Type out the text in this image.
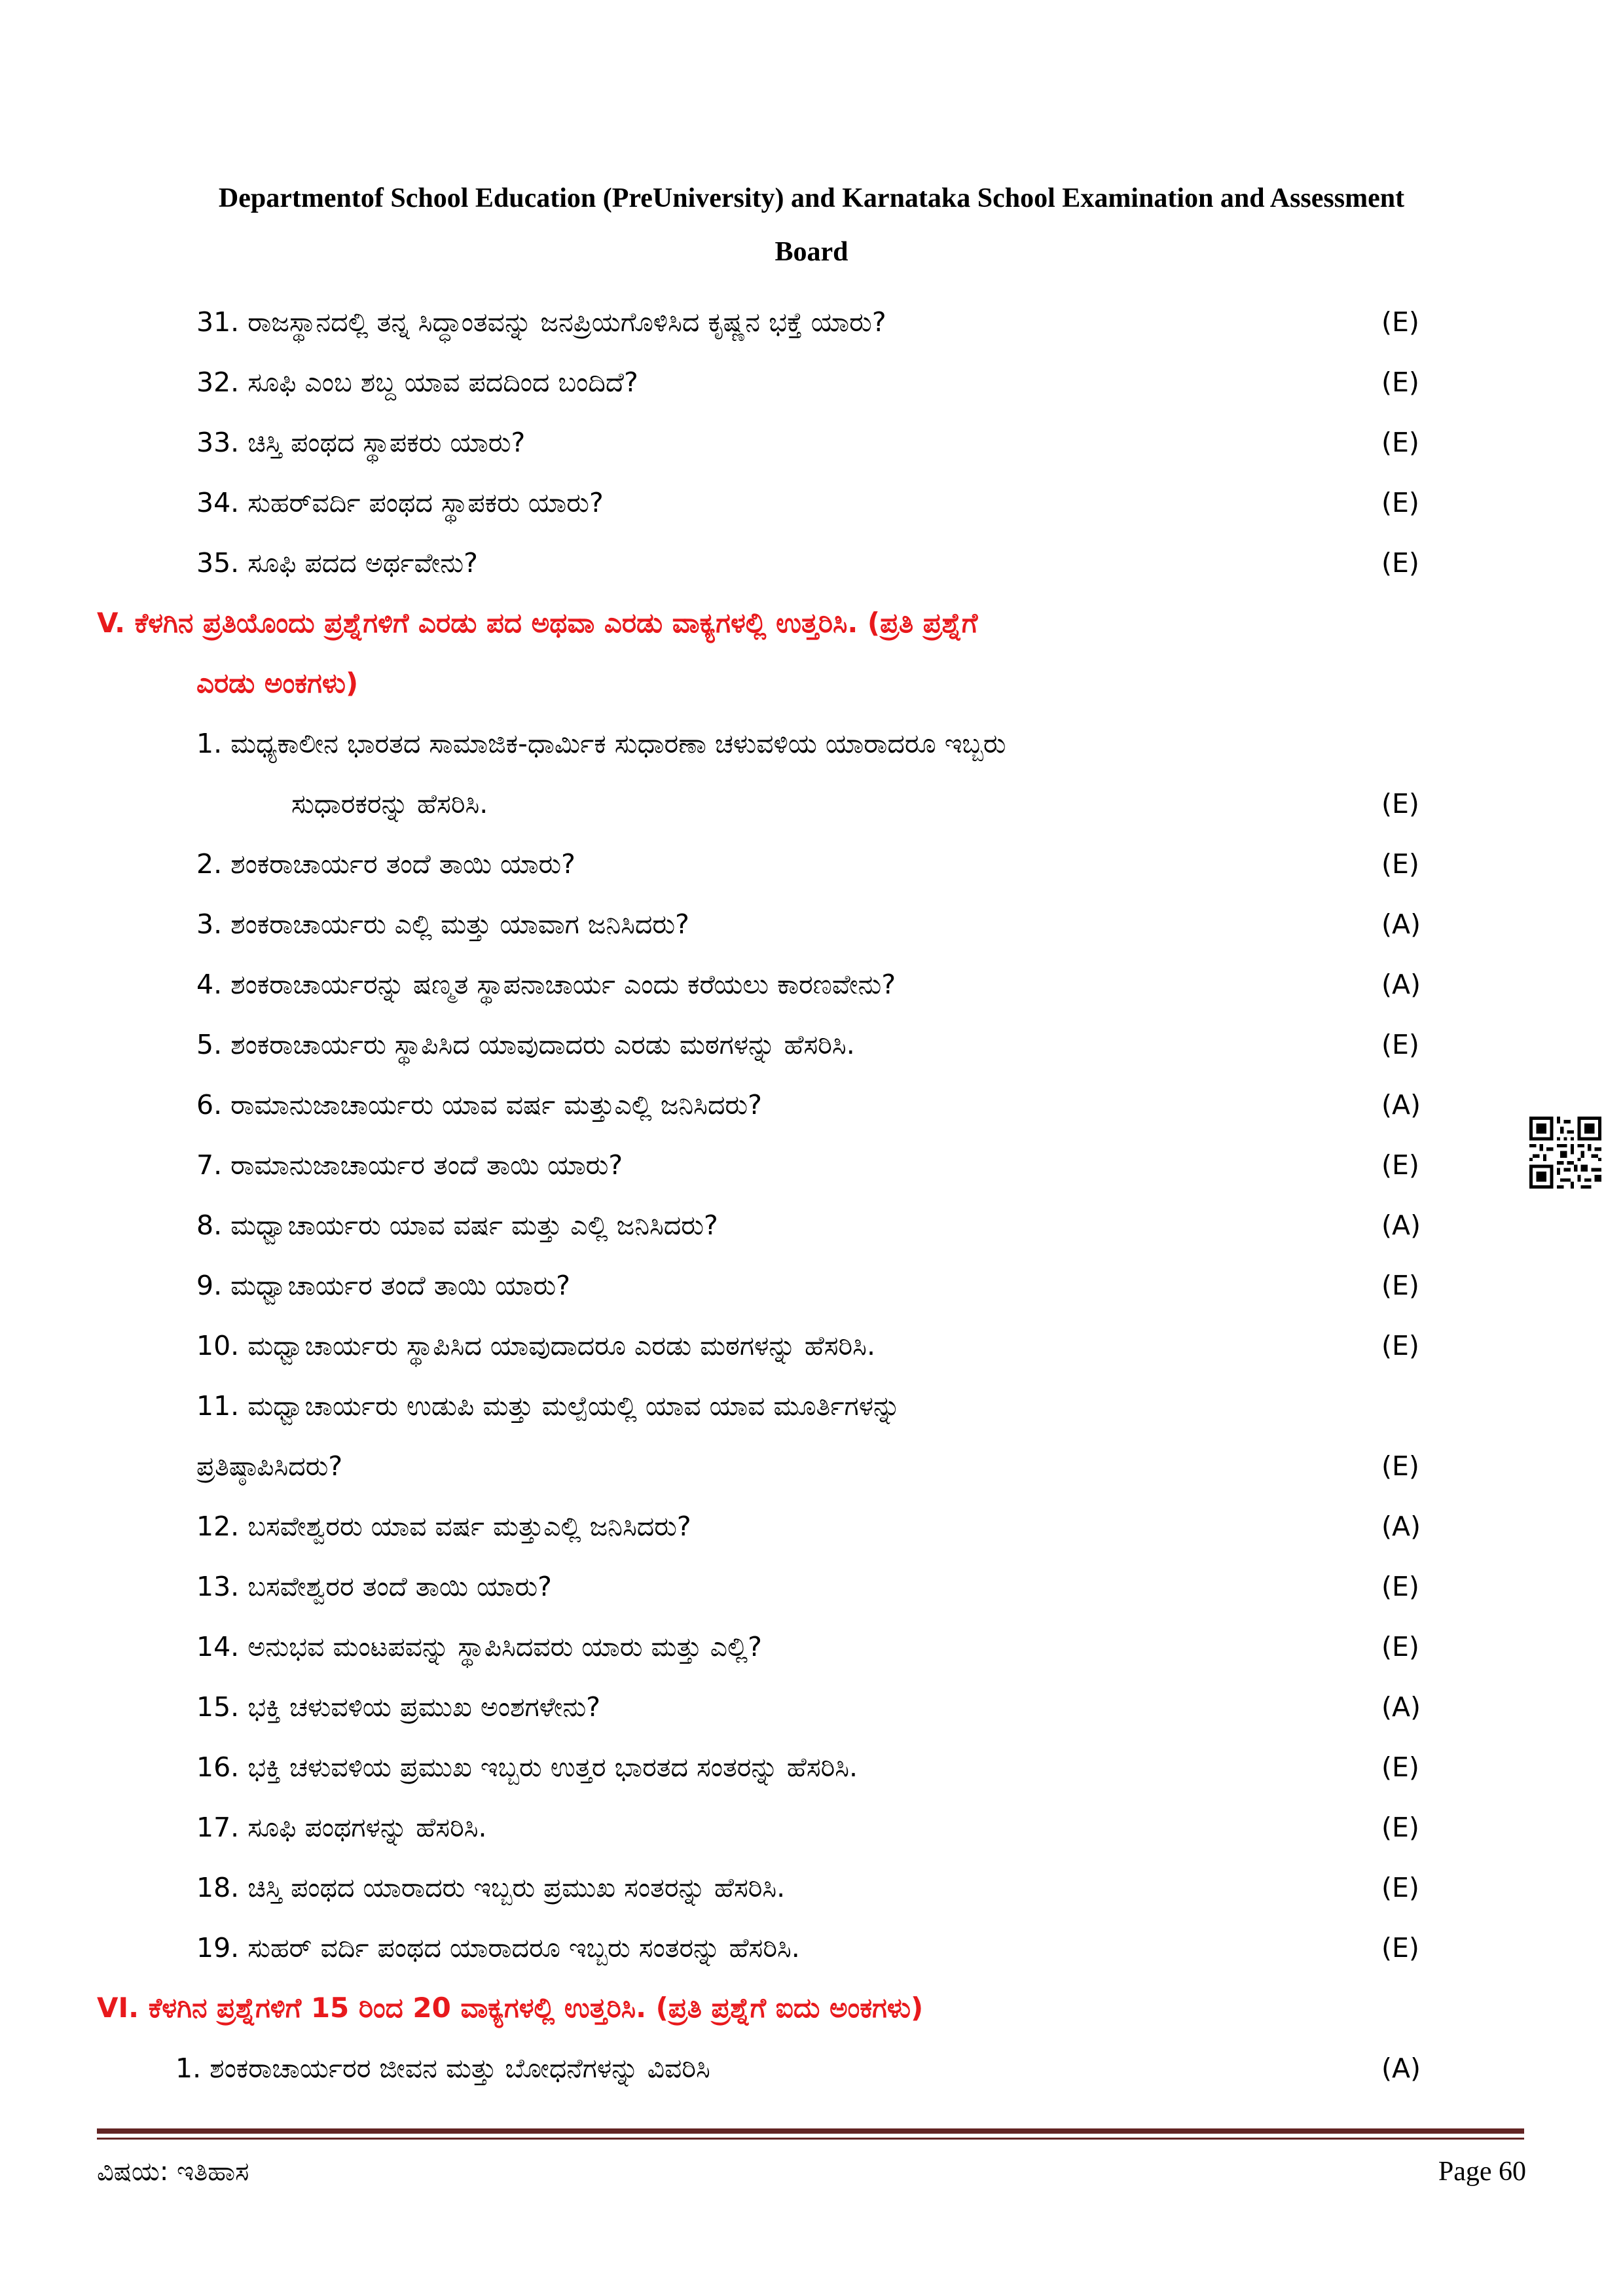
Departmentof School Education (PreUniversity) and Karnataka School Examination and Assessment
Board
31. ರಾಜಸ್ಥಾನದಲ್ಲಿ ತನ್ನ ಸಿದ್ಧಾಂತವನ್ನು ಜನಪ್ರಿಯಗೊಳಿಸಿದ ಕೃಷ್ಣನ ಭಕ್ತೆ ಯಾರು?	(E)
32. ಸೂಫಿ ಎಂಬ ಶಬ್ದ ಯಾವ ಪದದಿಂದ ಬಂದಿದೆ?	(E)
33. ಚಿಸ್ತಿ ಪಂಥದ ಸ್ಥಾಪಕರು ಯಾರು?	(E)
34. ಸುಹರ್‌ವರ್ದಿ ಪಂಥದ ಸ್ಥಾಪಕರು ಯಾರು?	(E)
35. ಸೂಫಿ ಪದದ ಅರ್ಥವೇನು?	(E)
V. ಕೆಳಗಿನ ಪ್ರತಿಯೊಂದು ಪ್ರಶ್ನೆಗಳಿಗೆ ಎರಡು ಪದ ಅಥವಾ ಎರಡು ವಾಕ್ಯಗಳಲ್ಲಿ ಉತ್ತರಿಸಿ. (ಪ್ರತಿ ಪ್ರಶ್ನೆಗೆ
ಎರಡು ಅಂಕಗಳು)
1. ಮಧ್ಯಕಾಲೀನ ಭಾರತದ ಸಾಮಾಜಿಕ-ಧಾರ್ಮಿಕ ಸುಧಾರಣಾ ಚಳುವಳಿಯ ಯಾರಾದರೂ ಇಬ್ಬರು
ಸುಧಾರಕರನ್ನು ಹೆಸರಿಸಿ.	(E)
2. ಶಂಕರಾಚಾರ್ಯರ ತಂದೆ ತಾಯಿ ಯಾರು?	(E)
3. ಶಂಕರಾಚಾರ್ಯರು ಎಲ್ಲಿ ಮತ್ತು ಯಾವಾಗ ಜನಿಸಿದರು?	(A)
4. ಶಂಕರಾಚಾರ್ಯರನ್ನು ಷಣ್ಮತ ಸ್ಥಾಪನಾಚಾರ್ಯ ಎಂದು ಕರೆಯಲು ಕಾರಣವೇನು?	(A)
5. ಶಂಕರಾಚಾರ್ಯರು ಸ್ಥಾಪಿಸಿದ ಯಾವುದಾದರು ಎರಡು ಮಠಗಳನ್ನು ಹೆಸರಿಸಿ.	(E)
6. ರಾಮಾನುಜಾಚಾರ್ಯರು ಯಾವ ವರ್ಷ ಮತ್ತುಎಲ್ಲಿ ಜನಿಸಿದರು?	(A)
7. ರಾಮಾನುಜಾಚಾರ್ಯರ ತಂದೆ ತಾಯಿ ಯಾರು?	(E)
8. ಮಧ್ವಾಚಾರ್ಯರು ಯಾವ ವರ್ಷ ಮತ್ತು ಎಲ್ಲಿ ಜನಿಸಿದರು?	(A)
9. ಮಧ್ವಾಚಾರ್ಯರ ತಂದೆ ತಾಯಿ ಯಾರು?	(E)
10. ಮಧ್ವಾಚಾರ್ಯರು ಸ್ಥಾಪಿಸಿದ ಯಾವುದಾದರೂ ಎರಡು ಮಠಗಳನ್ನು ಹೆಸರಿಸಿ.	(E)
11. ಮಧ್ವಾಚಾರ್ಯರು ಉಡುಪಿ ಮತ್ತು ಮಲ್ಪೆಯಲ್ಲಿ ಯಾವ ಯಾವ ಮೂರ್ತಿಗಳನ್ನು
ಪ್ರತಿಷ್ಠಾಪಿಸಿದರು?	(E)
12. ಬಸವೇಶ್ವರರು ಯಾವ ವರ್ಷ ಮತ್ತುಎಲ್ಲಿ ಜನಿಸಿದರು?	(A)
13. ಬಸವೇಶ್ವರರ ತಂದೆ ತಾಯಿ ಯಾರು?	(E)
14. ಅನುಭವ ಮಂಟಪವನ್ನು ಸ್ಥಾಪಿಸಿದವರು ಯಾರು ಮತ್ತು ಎಲ್ಲಿ?	(E)
15. ಭಕ್ತಿ ಚಳುವಳಿಯ ಪ್ರಮುಖ ಅಂಶಗಳೇನು?	(A)
16. ಭಕ್ತಿ ಚಳುವಳಿಯ ಪ್ರಮುಖ ಇಬ್ಬರು ಉತ್ತರ ಭಾರತದ ಸಂತರನ್ನು ಹೆಸರಿಸಿ.	(E)
17. ಸೂಫಿ ಪಂಥಗಳನ್ನು ಹೆಸರಿಸಿ.	(E)
18. ಚಿಸ್ತಿ ಪಂಥದ ಯಾರಾದರು ಇಬ್ಬರು ಪ್ರಮುಖ ಸಂತರನ್ನು ಹೆಸರಿಸಿ.	(E)
19. ಸುಹರ್ ವರ್ದಿ ಪಂಥದ ಯಾರಾದರೂ ಇಬ್ಬರು ಸಂತರನ್ನು ಹೆಸರಿಸಿ.	(E)
VI. ಕೆಳಗಿನ ಪ್ರಶ್ನೆಗಳಿಗೆ 15 ರಿಂದ 20 ವಾಕ್ಯಗಳಲ್ಲಿ ಉತ್ತರಿಸಿ. (ಪ್ರತಿ ಪ್ರಶ್ನೆಗೆ ಐದು ಅಂಕಗಳು)
1. ಶಂಕರಾಚಾರ್ಯರರ ಜೀವನ ಮತ್ತು ಬೋಧನೆಗಳನ್ನು ವಿವರಿಸಿ	(A)
ವಿಷಯ: ಇತಿಹಾಸ	Page 60
